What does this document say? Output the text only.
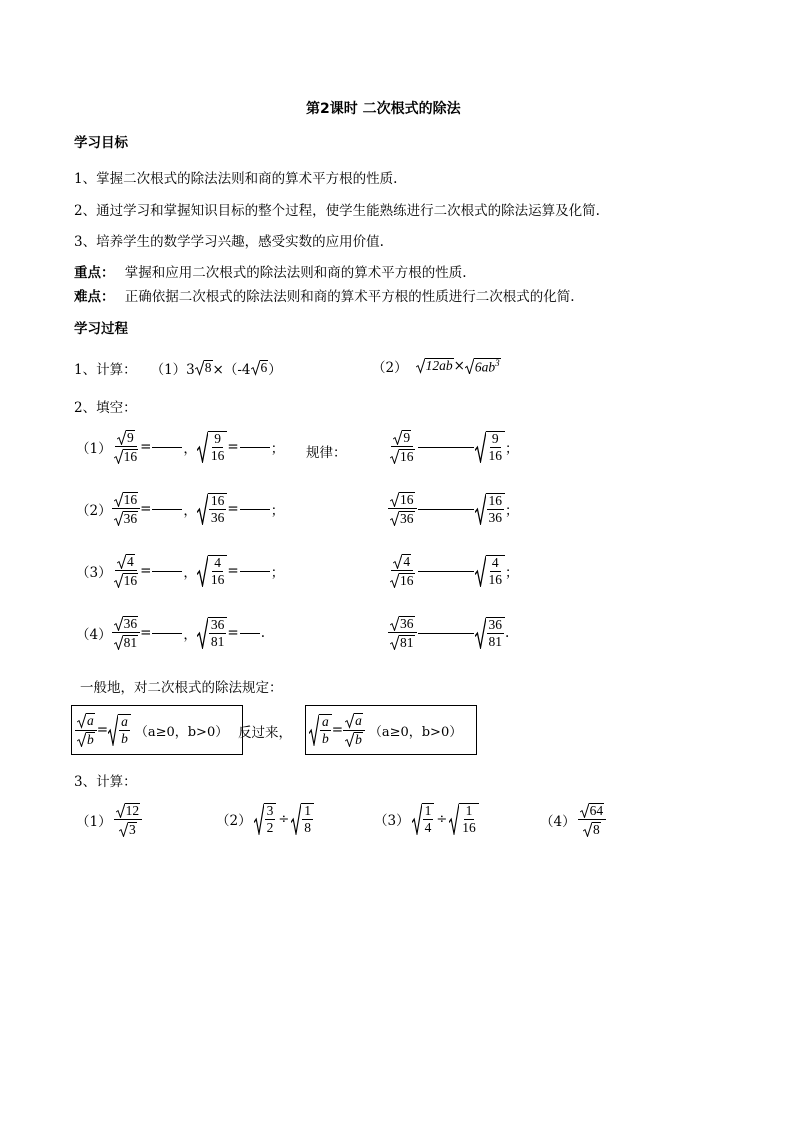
第2课时 二次根式的除法
学习目标
1、掌握二次根式的除法法则和商的算术平方根的性质.
2、通过学习和掌握知识目标的整个过程，使学生能熟练进行二次根式的除法运算及化简.
3、培养学生的数学学习兴趣，感受实数的应用价值.
重点： 掌握和应用二次根式的除法法则和商的算术平方根的性质.
难点： 正确依据二次根式的除法法则和商的算术平方根的性质进行二次根式的化简.
学习过程
1、计算： （1）3 8 ×（-4 6 ）	（2） $12ab \times 6ab^3$
2、填空：
$(1) \frac{9}{16}$ = ， $\frac{9}{16}$ = ；	$\frac{9}{16}$	$\frac{9}{16}$ ；
$(2) \frac{16}{36}$ = ， $\frac{16}{36}$ = ；	$\frac{16}{36}$	$\frac{16}{36}$ ；
$(3) \frac{4}{16}$ = ， $\frac{4}{16}$ = ；	$\frac{4}{16}$	$\frac{4}{16}$ ；
$(4) \frac{36}{81}$ = ， $\frac{36}{81}$ = .	$\frac{36}{81}$	$\frac{36}{81}$ .
规律：
一般地，对二次根式的除法规定：
$\frac{a}{b} = \frac{a}{b} (a\ge 0$，b>0） 反过来， $\frac{a}{b} = \frac{a}{b} (a\ge 0$，b>0）
3、计算：
$(1) \frac{12}{3}$	$(2) \frac{3}{2} \div \frac{1}{8}$	$(3) \frac{1}{4} \div \frac{1}{16}$	$(4) \frac{64}{8}$
